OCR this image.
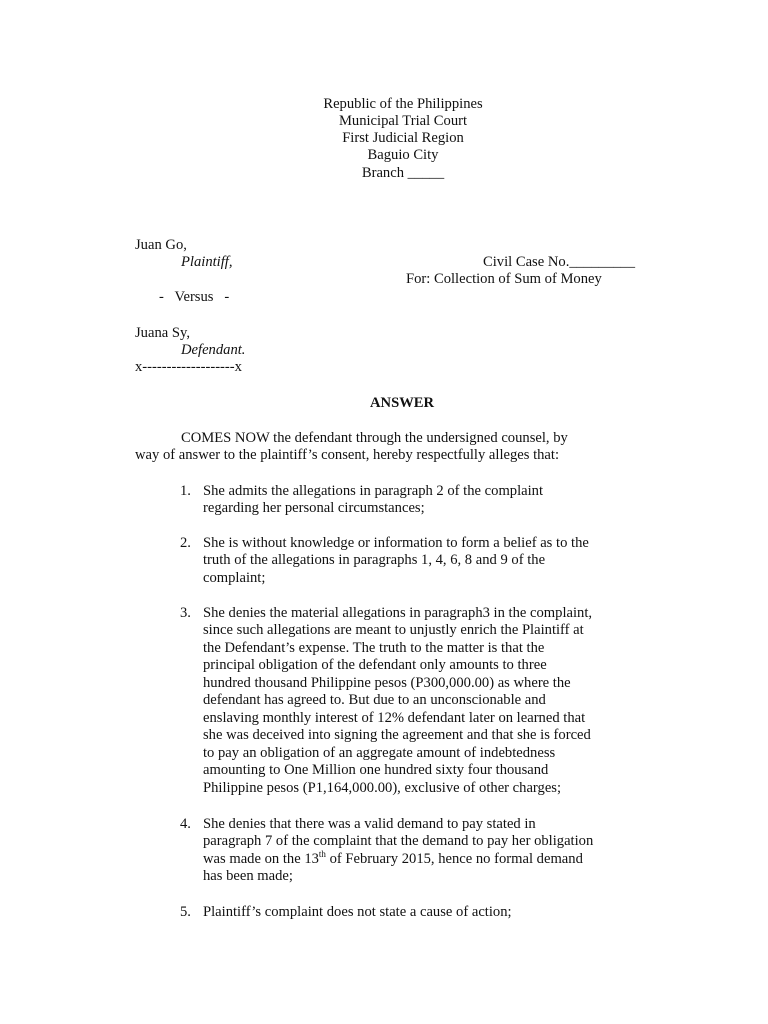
Republic of the Philippines
Municipal Trial Court
First Judicial Region
Baguio City
Branch _____
Juan Go,
Plaintiff,
-   Versus   -
Juana Sy,
Defendant.
x-------------------x
Civil Case No._________
For: Collection of Sum of Money
ANSWER
COMES NOW the defendant through the undersigned counsel, by
way of answer to the plaintiff’s consent, hereby respectfully alleges that:
1. She admits the allegations in paragraph 2 of the complaint
regarding her personal circumstances;
2. She is without knowledge or information to form a belief as to the
truth of the allegations in paragraphs 1, 4, 6, 8 and 9 of the
complaint;
3. She denies the material allegations in paragraph3 in the complaint,
since such allegations are meant to unjustly enrich the Plaintiff at
the Defendant’s expense. The truth to the matter is that the
principal obligation of the defendant only amounts to three
hundred thousand Philippine pesos (P300,000.00) as where the
defendant has agreed to. But due to an unconscionable and
enslaving monthly interest of 12% defendant later on learned that
she was deceived into signing the agreement and that she is forced
to pay an obligation of an aggregate amount of indebtedness
amounting to One Million one hundred sixty four thousand
Philippine pesos (P1,164,000.00), exclusive of other charges;
4. She denies that there was a valid demand to pay stated in
paragraph 7 of the complaint that the demand to pay her obligation
was made on the 13th of February 2015, hence no formal demand
has been made;
5. Plaintiff’s complaint does not state a cause of action;
